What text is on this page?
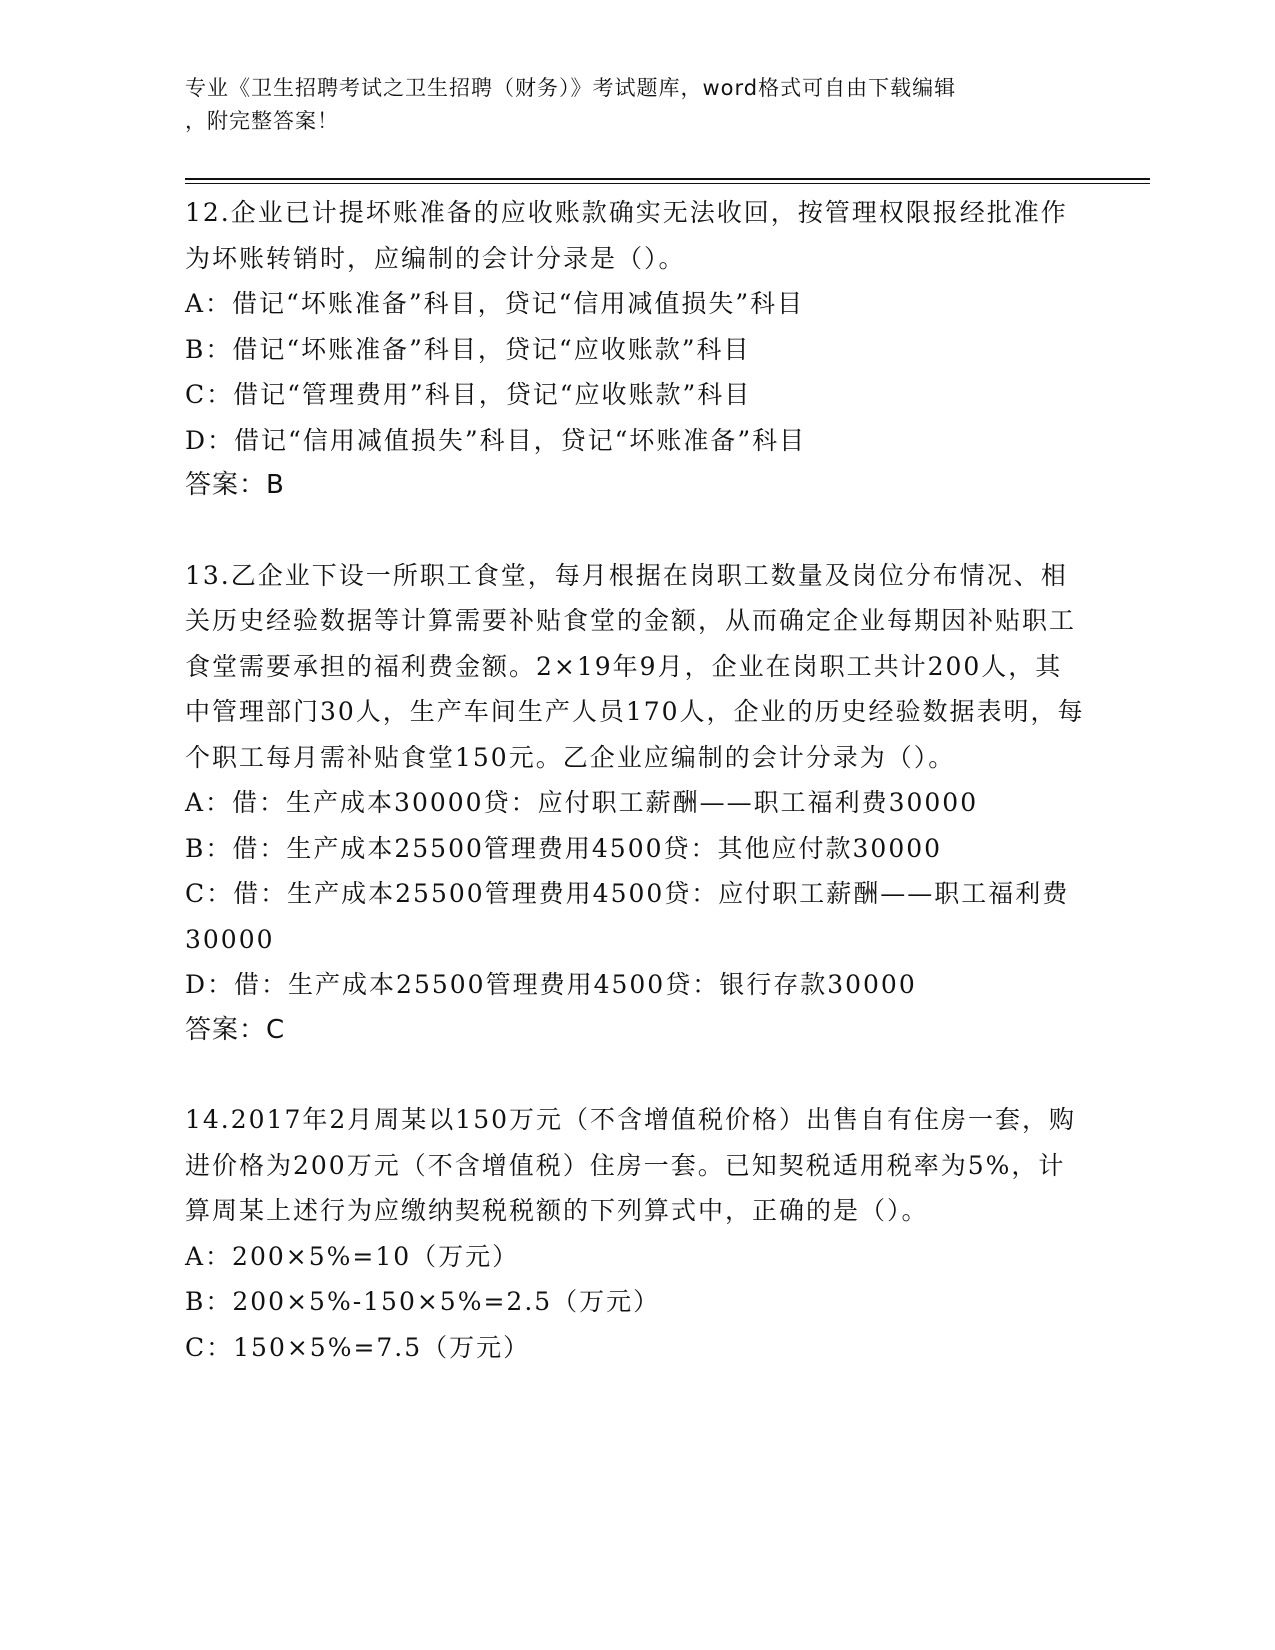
专业《卫生招聘考试之卫生招聘（财务）》考试题库，word格式可自由下载编辑
，附完整答案！
12.企业已计提坏账准备的应收账款确实无法收回，按管理权限报经批准作为坏账转销时，应编制的会计分录是（）。
A：借记“坏账准备”科目，贷记“信用减值损失”科目
B：借记“坏账准备”科目，贷记“应收账款”科目
C：借记“管理费用”科目，贷记“应收账款”科目
D：借记“信用减值损失”科目，贷记“坏账准备”科目
答案：B
13.乙企业下设一所职工食堂，每月根据在岗职工数量及岗位分布情况、相关历史经验数据等计算需要补贴食堂的金额，从而确定企业每期因补贴职工食堂需要承担的福利费金额。2×19年9月，企业在岗职工共计200人，其中管理部门30人，生产车间生产人员170人，企业的历史经验数据表明，每个职工每月需补贴食堂150元。乙企业应编制的会计分录为（）。
A：借：生产成本30000贷：应付职工薪酬——职工福利费30000
B：借：生产成本25500管理费用4500贷：其他应付款30000
C：借：生产成本25500管理费用4500贷：应付职工薪酬——职工福利费30000
D：借：生产成本25500管理费用4500贷：银行存款30000
答案：C
14.2017年2月周某以150万元（不含增值税价格）出售自有住房一套，购进价格为200万元（不含增值税）住房一套。已知契税适用税率为5%，计算周某上述行为应缴纳契税税额的下列算式中，正确的是（）。
A：200×5%=10（万元）
B：200×5%-150×5%=2.5（万元）
C：150×5%=7.5（万元）
